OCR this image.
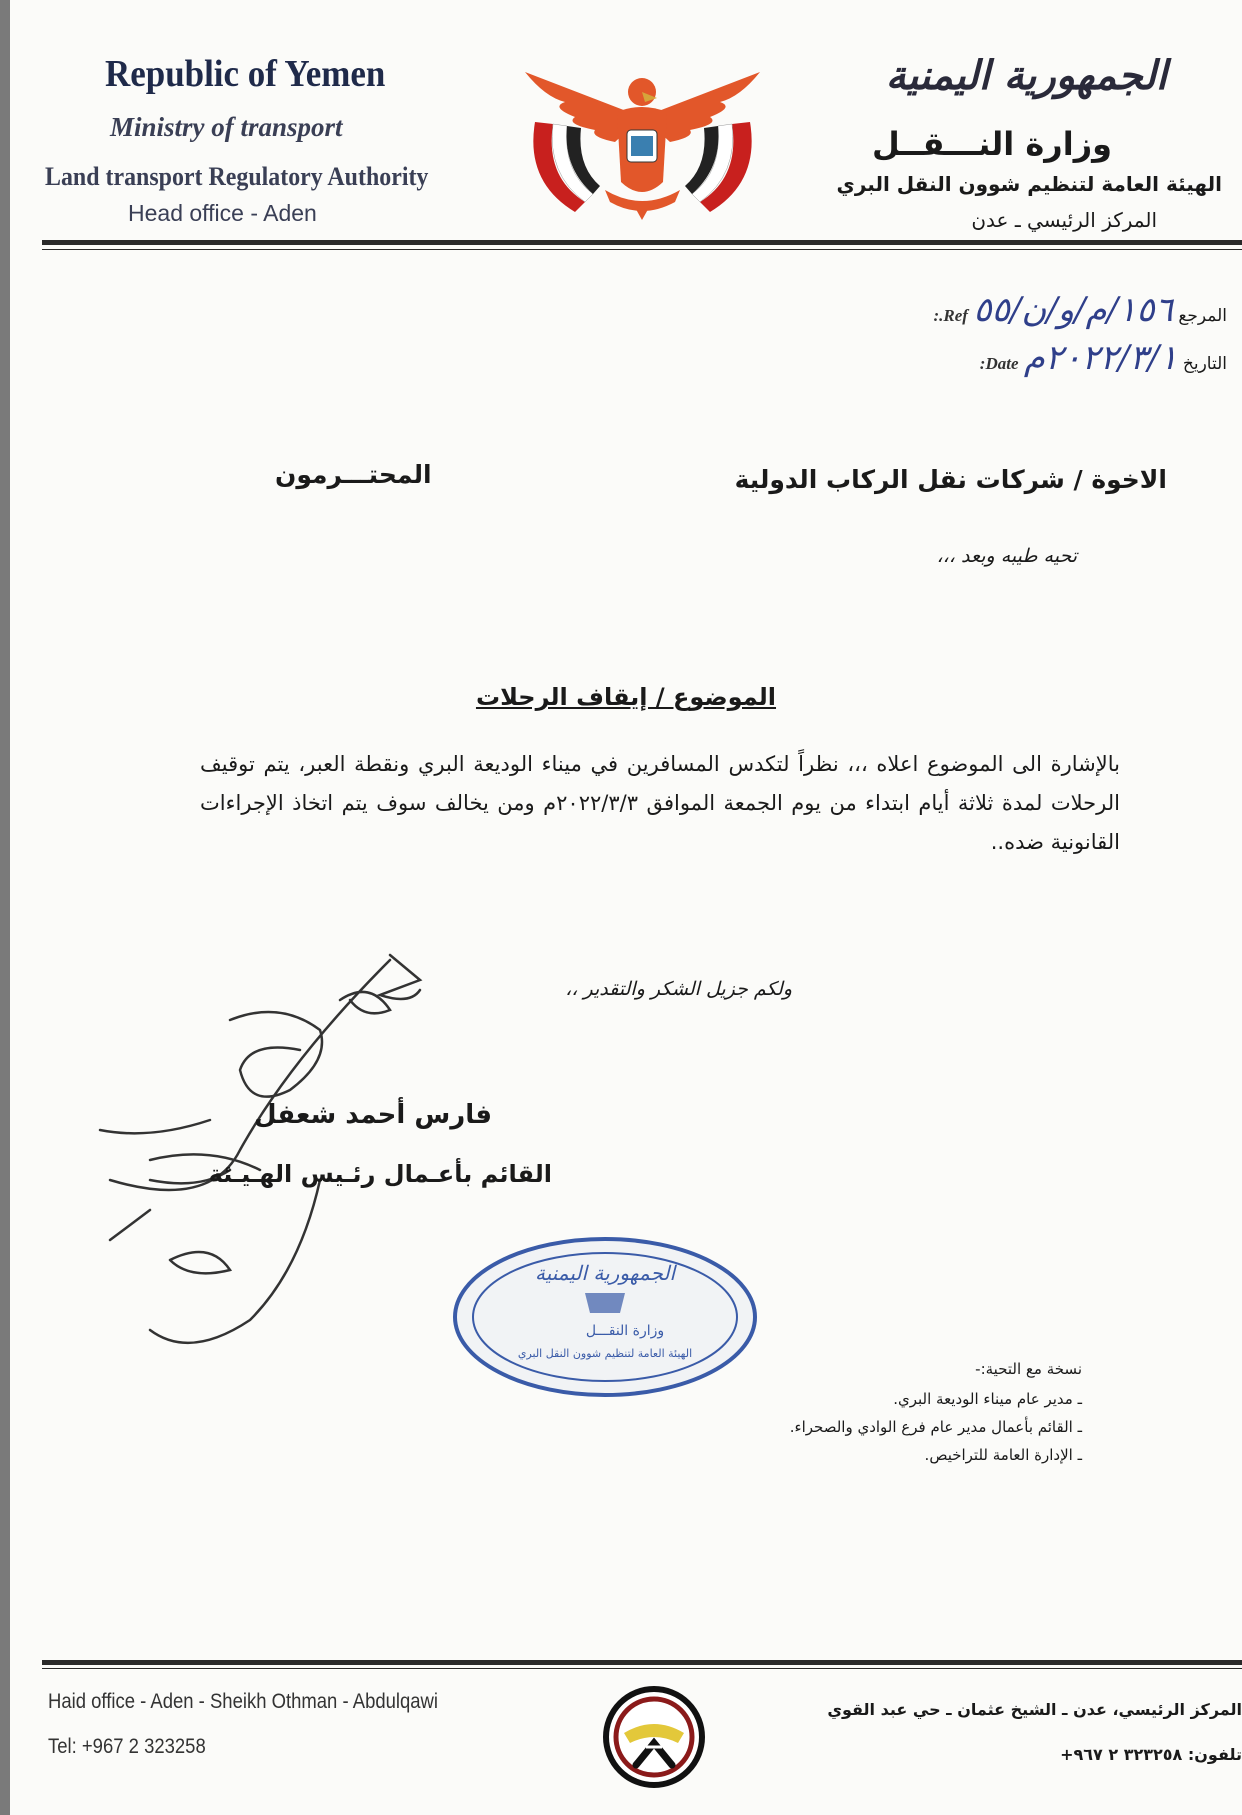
Republic of Yemen
Ministry of transport
Land transport Regulatory Authority
Head office - Aden
الجمهورية اليمنية
وزارة النـــقــل
الهيئة العامة لتنظيم شوون النقل البري
المركز الرئيسي ـ عدن
المرجع ١٥٦/م/و/ن/٥٥ Ref.:
التاريخ ٢٠٢٢/٣/١م Date:
الاخوة / شركات نقل الركاب الدولية
المحتـــرمون
تحيه طيبه وبعد ،،،
الموضوع / إيقاف الرحلات
بالإشارة الى الموضوع اعلاه ،،، نظراً لتكدس المسافرين في ميناء الوديعة البري ونقطة العبر، يتم توقيف الرحلات لمدة ثلاثة أيام ابتداء من يوم الجمعة الموافق ٢٠٢٢/٣/٣م ومن يخالف سوف يتم اتخاذ الإجراءات القانونية ضده..
ولكم جزيل الشكر والتقدير ،،
فارس أحمد شعفل
القائم بأعـمال رئـيس الهـيـئة
الجمهورية اليمنية
وزارة النقـــل
الهيئة العامة لتنظيم شوون النقل البري
نسخة مع التحية:-
ـ مدير عام ميناء الوديعة البري.
ـ القائم بأعمال مدير عام فرع الوادي والصحراء.
ـ الإدارة العامة للتراخيص.
Haid office - Aden - Sheikh Othman - Abdulqawi
Tel: +967 2 323258
المركز الرئيسي، عدن ـ الشيخ عثمان ـ حي عبد القوي
تلفون: ٣٢٣٢٥٨ ٢ ٩٦٧+
